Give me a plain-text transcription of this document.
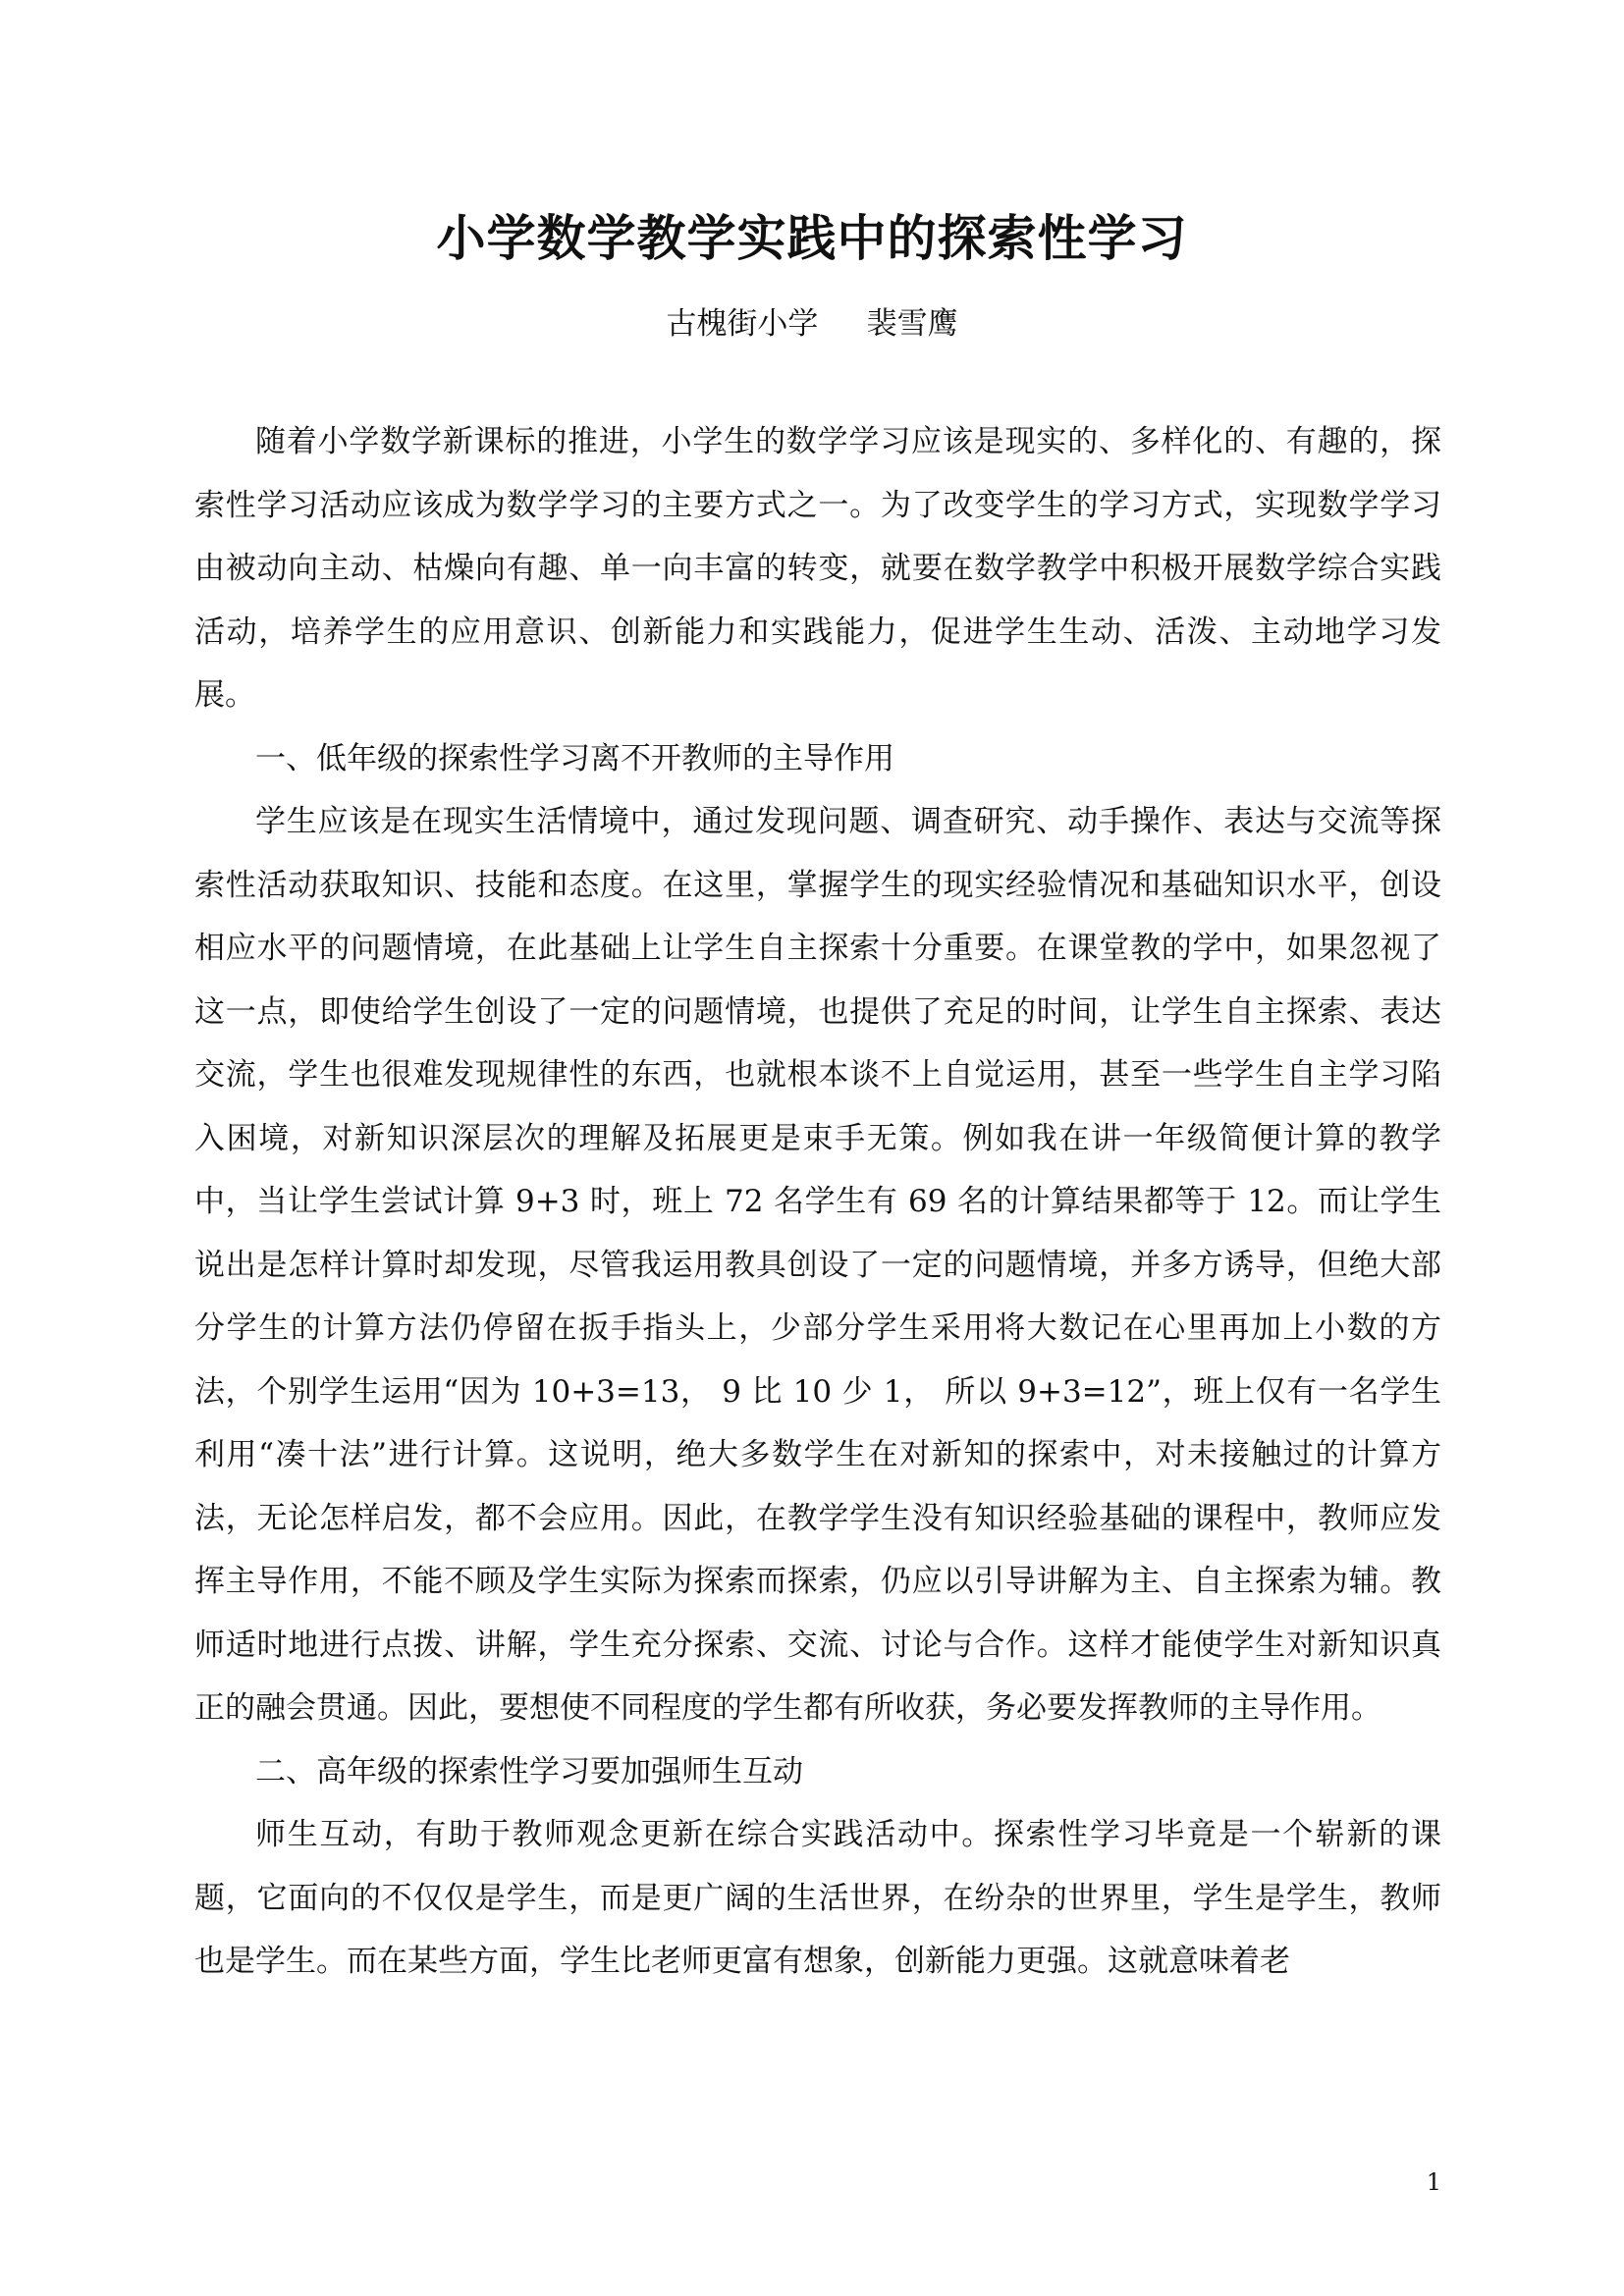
小学数学教学实践中的探索性学习
古槐街小学     裴雪鹰

随着小学数学新课标的推进，小学生的数学学习应该是现实的、多样化的、有趣的，探索性学习活动应该成为数学学习的主要方式之一。为了改变学生的学习方式，实现数学学习由被动向主动、枯燥向有趣、单一向丰富的转变，就要在数学教学中积极开展数学综合实践活动，培养学生的应用意识、创新能力和实践能力，促进学生生动、活泼、主动地学习发展。

一、低年级的探索性学习离不开教师的主导作用

学生应该是在现实生活情境中，通过发现问题、调查研究、动手操作、表达与交流等探索性活动获取知识、技能和态度。在这里，掌握学生的现实经验情况和基础知识水平，创设相应水平的问题情境，在此基础上让学生自主探索十分重要。在课堂教的学中，如果忽视了这一点，即使给学生创设了一定的问题情境，也提供了充足的时间，让学生自主探索、表达交流，学生也很难发现规律性的东西，也就根本谈不上自觉运用，甚至一些学生自主学习陷入困境，对新知识深层次的理解及拓展更是束手无策。例如我在讲一年级简便计算的教学中，当让学生尝试计算 9+3 时，班上 72 名学生有 69 名的计算结果都等于 12。而让学生说出是怎样计算时却发现，尽管我运用教具创设了一定的问题情境，并多方诱导，但绝大部分学生的计算方法仍停留在扳手指头上，少部分学生采用将大数记在心里再加上小数的方法，个别学生运用“因为 10+3=13， 9 比 10 少 1， 所以 9+3=12”，班上仅有一名学生利用“凑十法”进行计算。这说明，绝大多数学生在对新知的探索中，对未接触过的计算方法，无论怎样启发，都不会应用。因此，在教学学生没有知识经验基础的课程中，教师应发挥主导作用，不能不顾及学生实际为探索而探索，仍应以引导讲解为主、自主探索为辅。教师适时地进行点拨、讲解，学生充分探索、交流、讨论与合作。这样才能使学生对新知识真正的融会贯通。因此，要想使不同程度的学生都有所收获，务必要发挥教师的主导作用。

二、高年级的探索性学习要加强师生互动

师生互动，有助于教师观念更新在综合实践活动中。探索性学习毕竟是一个崭新的课题，它面向的不仅仅是学生，而是更广阔的生活世界，在纷杂的世界里，学生是学生，教师也是学生。而在某些方面，学生比老师更富有想象，创新能力更强。这就意味着老

1
